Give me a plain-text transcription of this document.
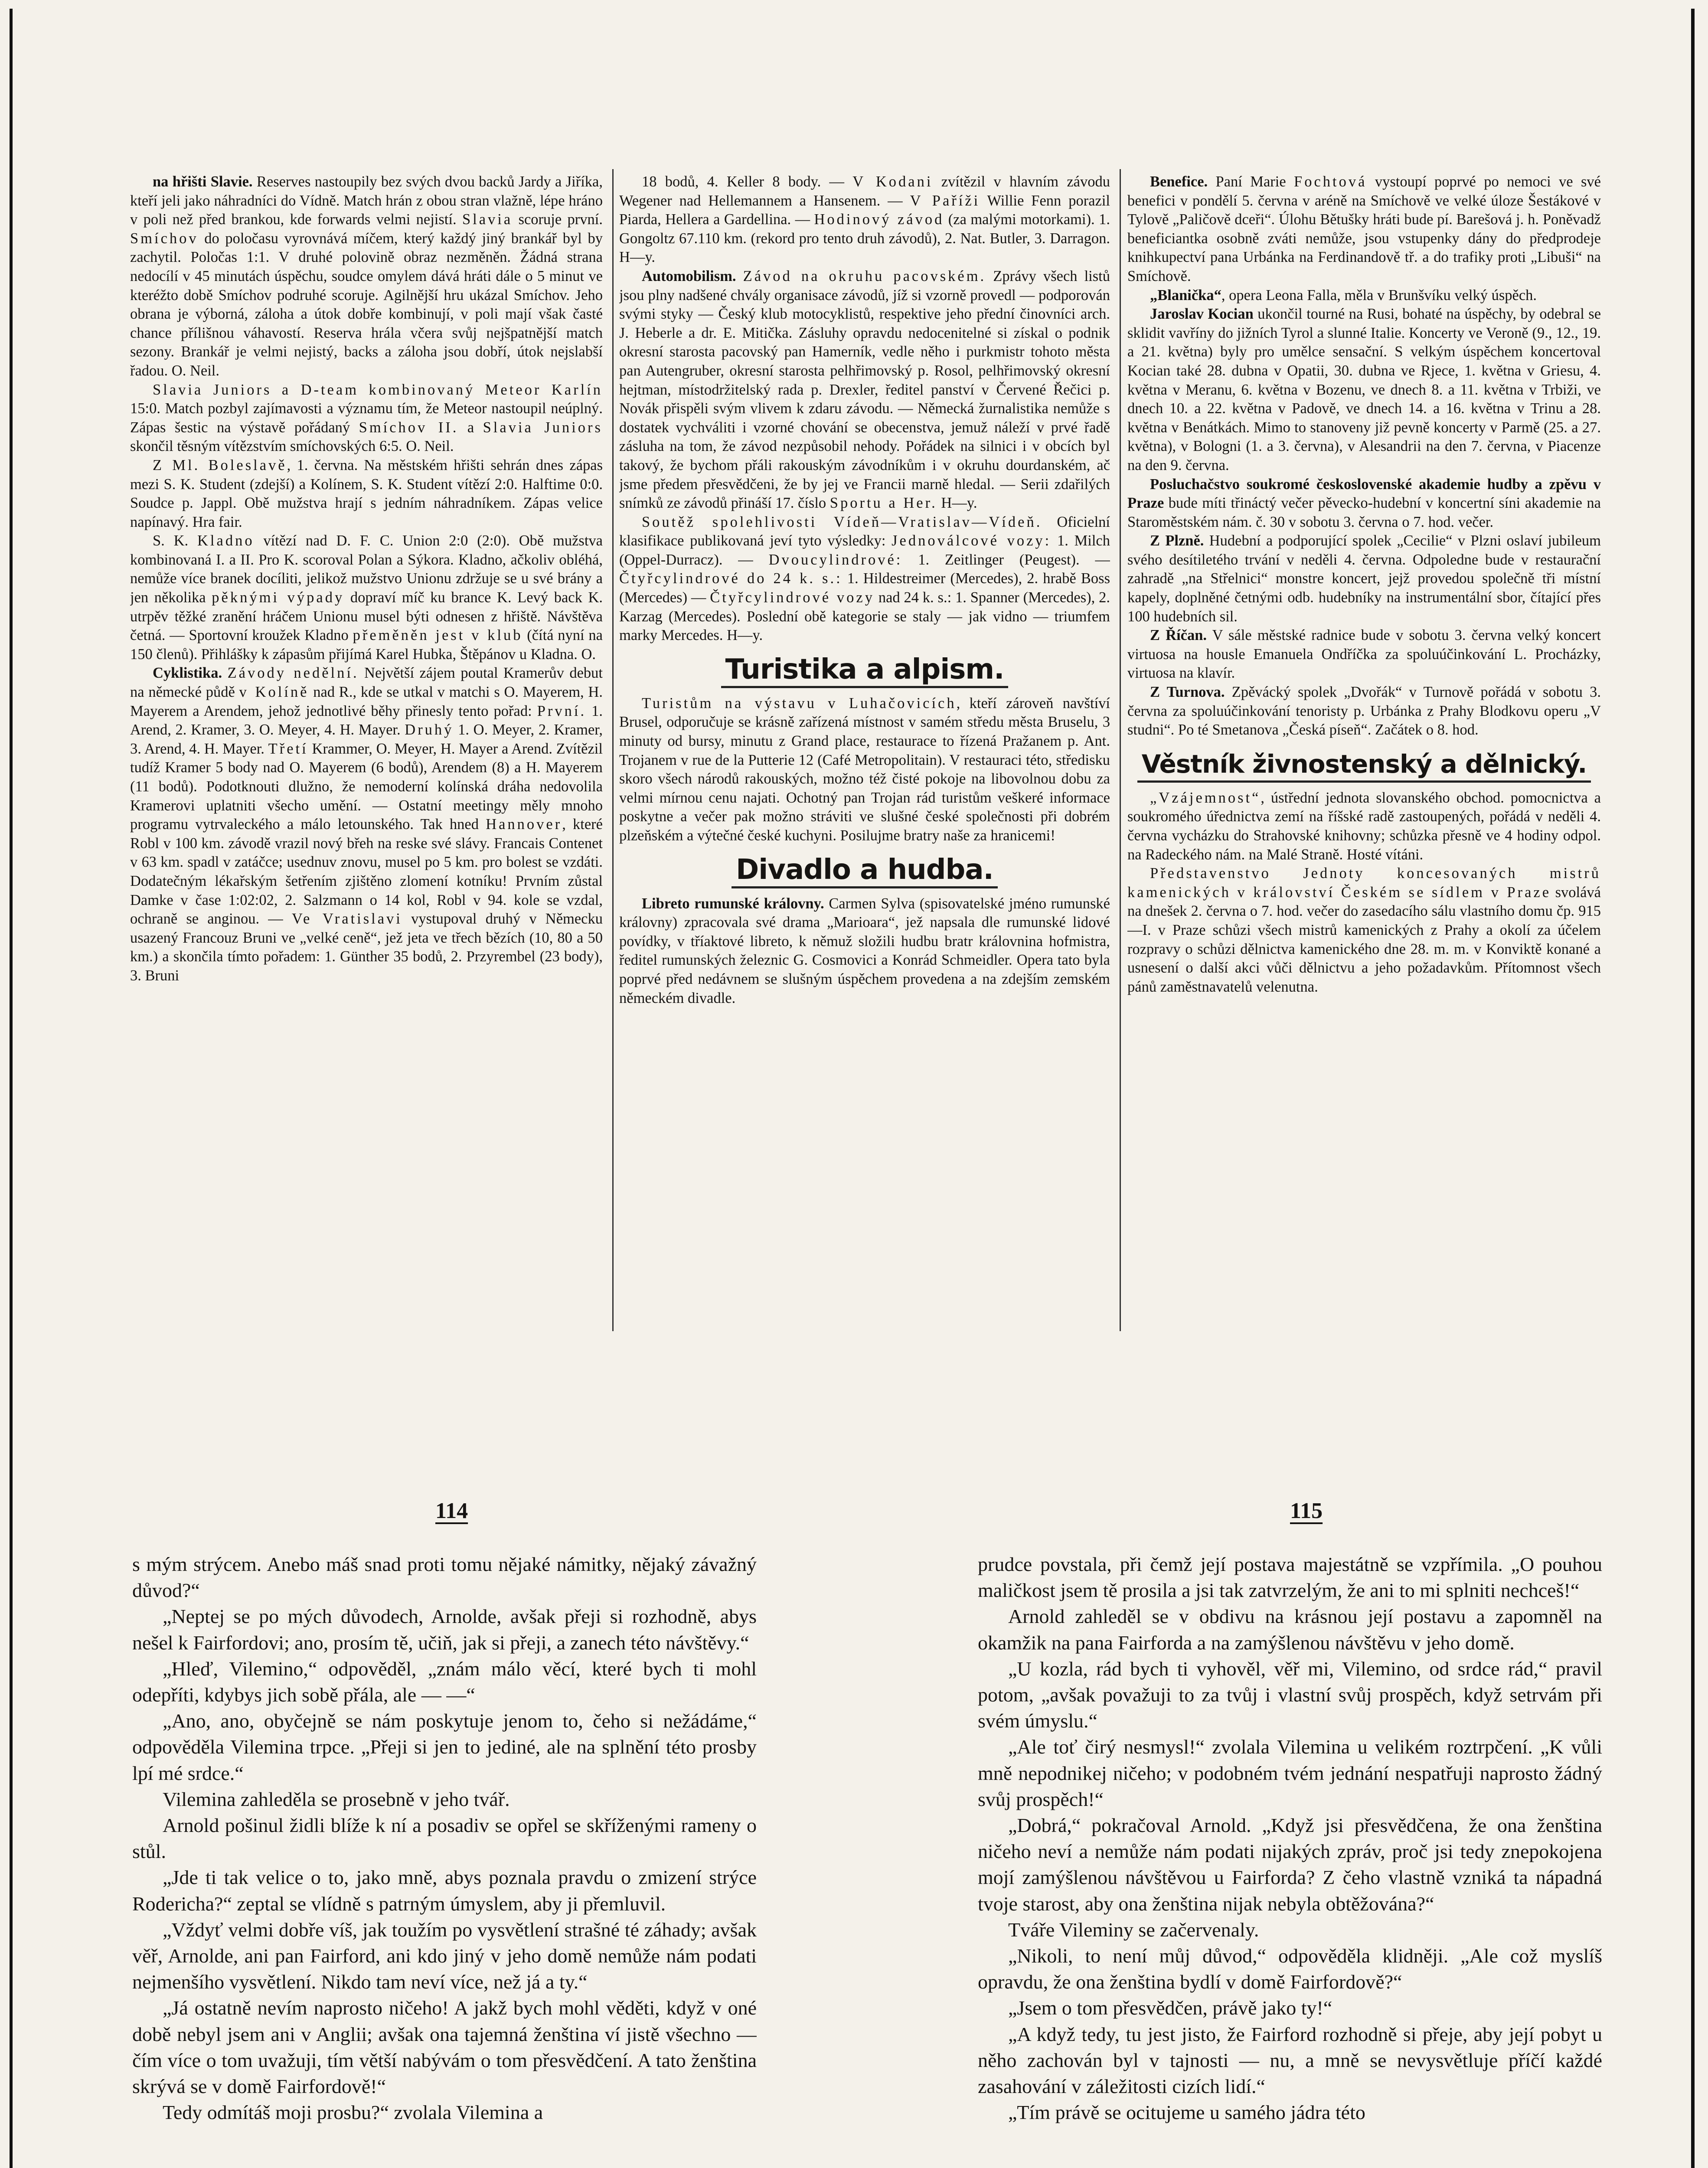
na hřišti Slavie. Reserves nastoupily bez svých dvou backů Jardy a Jiříka, kteří jeli jako náhradníci do Vídně. Match hrán z obou stran vlažně, lépe hráno v poli než před brankou, kde forwards velmi nejistí. Slavia scoruje první. Smíchov do poločasu vyrovnává míčem, který každý jiný brankář byl by zachytil. Poločas 1:1. V druhé polovině obraz nezměněn. Žádná strana nedocílí v 45 minutách úspěchu, soudce omylem dává hráti dále o 5 minut ve kteréžto době Smíchov podruhé scoruje. Agilnější hru ukázal Smíchov. Jeho obrana je výborná, záloha a útok dobře kombinují, v poli mají však časté chance přílišnou váhavostí. Reserva hrála včera svůj nejšpatnější match sezony. Brankář je velmi nejistý, backs a záloha jsou dobří, útok nejslabší řadou. O. Neil.

Slavia Juniors a D-team kombinovaný Meteor Karlín 15:0. Match pozbyl zajímavosti a významu tím, že Meteor nastoupil neúplný. Zápas šestic na výstavě pořádaný Smíchov II. a Slavia Juniors skončil těsným vítězstvím smíchovských 6:5. O. Neil.

Z Ml. Boleslavě, 1. června. Na městském hřišti sehrán dnes zápas mezi S. K. Student (zdejší) a Kolínem, S. K. Student vítězí 2:0. Halftime 0:0. Soudce p. Jappl. Obě mužstva hrají s jedním náhradníkem. Zápas velice napínavý. Hra fair.

S. K. Kladno vítězí nad D. F. C. Union 2:0 (2:0). Obě mužstva kombinovaná I. a II. Pro K. scoroval Polan a Sýkora. Kladno, ačkoliv obléhá, nemůže více branek docíliti, jelikož mužstvo Unionu zdržuje se u své brány a jen několika pěknými výpady dopraví míč ku brance K. Levý back K. utrpěv těžké zranění hráčem Unionu musel býti odnesen z hřiště. Návštěva četná. — Sportovní kroužek Kladno přeměněn jest v klub (čítá nyní na 150 členů). Přihlášky k zápasům přijímá Karel Hubka, Štěpánov u Kladna. O.

Cyklistika. Závody nedělní. Největší zájem poutal Kramerův debut na německé půdě v Kolíně nad R., kde se utkal v matchi s O. Mayerem, H. Mayerem a Arendem, jehož jednotlivé běhy přinesly tento pořad: První. 1. Arend, 2. Kramer, 3. O. Meyer, 4. H. Mayer. Druhý 1. O. Meyer, 2. Kramer, 3. Arend, 4. H. Mayer. Třetí Krammer, O. Meyer, H. Mayer a Arend. Zvítězil tudíž Kramer 5 body nad O. Mayerem (6 bodů), Arendem (8) a H. Mayerem (11 bodů). Podotknouti dlužno, že nemoderní kolínská dráha nedovolila Kramerovi uplatniti všecho umění. — Ostatní meetingy měly mnoho programu vytrvaleckého a málo letounského. Tak hned Hannover, které Robl v 100 km. závodě vrazil nový břeh na reske své slávy. Francais Contenet v 63 km. spadl v zatáčce; usednuv znovu, musel po 5 km. pro bolest se vzdáti. Dodatečným lékařským šetřením zjištěno zlomení kotníku! Prvním zůstal Damke v čase 1:02:02, 2. Salzmann o 14 kol, Robl v 94. kole se vzdal, ochraně se anginou. — Ve Vratislavi vystupoval druhý v Německu usazený Francouz Bruni ve „velké ceně“, jež jeta ve třech bězích (10, 80 a 50 km.) a skončila tímto pořadem: 1. Günther 35 bodů, 2. Przyrembel (23 body), 3. Bruni

18 bodů, 4. Keller 8 body. — V Kodani zvítězil v hlavním závodu Wegener nad Hellemannem a Hansenem. — V Paříži Willie Fenn porazil Piarda, Hellera a Gardellina. — Hodinový závod (za malými motorkami). 1. Gongoltz 67.110 km. (rekord pro tento druh závodů), 2. Nat. Butler, 3. Darragon. H—y.

Automobilism. Závod na okruhu pacovském. Zprávy všech listů jsou plny nadšené chvály organisace závodů, jíž si vzorně provedl — podporován svými styky — Český klub motocyklistů, respektive jeho přední činovníci arch. J. Heberle a dr. E. Mitička. Zásluhy opravdu nedocenitelné si získal o podnik okresní starosta pacovský pan Hamerník, vedle něho i purkmistr tohoto města pan Autengruber, okresní starosta pelhřimovský p. Rosol, pelhřimovský okresní hejtman, místodržitelský rada p. Drexler, ředitel panství v Červené Řečici p. Novák přispěli svým vlivem k zdaru závodu. — Německá žurnalistika nemůže s dostatek vychváliti i vzorné chování se obecenstva, jemuž náleží v prvé řadě zásluha na tom, že závod nezpůsobil nehody. Pořádek na silnici i v obcích byl takový, že bychom přáli rakouským závodníkům i v okruhu dourdanském, ač jsme předem přesvědčeni, že by jej ve Francii marně hledal. — Serii zdařilých snímků ze závodů přináší 17. číslo Sportu a Her. H—y.

Soutěž spolehlivosti Vídeň—Vratislav—Vídeň. Oficielní klasifikace publikovaná jeví tyto výsledky: Jednoválcové vozy: 1. Milch (Oppel-Durracz). — Dvoucylindrové: 1. Zeitlinger (Peugest). — Čtyřcylindrové do 24 k. s.: 1. Hildestreimer (Mercedes), 2. hrabě Boss (Mercedes) — Čtyřcylindrové vozy nad 24 k. s.: 1. Spanner (Mercedes), 2. Karzag (Mercedes). Poslední obě kategorie se staly — jak vidno — triumfem marky Mercedes. H—y.

Turistika a alpism.

Turistům na výstavu v Luhačovicích, kteří zároveň navštíví Brusel, odporučuje se krásně zařízená místnost v samém středu města Bruselu, 3 minuty od bursy, minutu z Grand place, restaurace to řízená Pražanem p. Ant. Trojanem v rue de la Putterie 12 (Café Metropolitain). V restauraci této, středisku skoro všech národů rakouských, možno též čisté pokoje na libovolnou dobu za velmi mírnou cenu najati. Ochotný pan Trojan rád turistům veškeré informace poskytne a večer pak možno stráviti ve slušné české společnosti při dobrém plzeňském a výtečné české kuchyni. Posilujme bratry naše za hranicemi!

Divadlo a hudba.

Libreto rumunské královny. Carmen Sylva (spisovatelské jméno rumunské královny) zpracovala své drama „Marioara“, jež napsala dle rumunské lidové povídky, v tříaktové libreto, k němuž složili hudbu bratr královnina hofmistra, ředitel rumunských železnic G. Cosmovici a Konrád Schmeidler. Opera tato byla poprvé před nedávnem se slušným úspěchem provedena a na zdejším zemském německém divadle.

Benefice. Paní Marie Fochtová vystoupí poprvé po nemoci ve své benefici v pondělí 5. června v aréně na Smíchově ve velké úloze Šestákové v Tylově „Paličově dceři“. Úlohu Bětušky hráti bude pí. Barešová j. h. Poněvadž beneficiantka osobně zváti nemůže, jsou vstupenky dány do předprodeje knihkupectví pana Urbánka na Ferdinandově tř. a do trafiky proti „Libuši“ na Smíchově.

„Blaničkа“, opera Leona Falla, měla v Brunšvíku velký úspěch.

Jaroslav Kocian ukončil tourné na Rusi, bohaté na úspěchy, by odebral se sklidit vavříny do jižních Tyrol a slunné Italie. Koncerty ve Veroně (9., 12., 19. a 21. května) byly pro umělce sensační. S velkým úspěchem koncertoval Kocian také 28. dubna v Opatii, 30. dubna ve Rjece, 1. května v Griesu, 4. května v Meranu, 6. května v Bozenu, ve dnech 8. a 11. května v Trbiži, ve dnech 10. a 22. května v Padově, ve dnech 14. a 16. května v Trinu a 28. května v Benátkách. Mimo to stanoveny již pevně koncerty v Parmě (25. a 27. května), v Bologni (1. a 3. června), v Alesandrii na den 7. června, v Piacenze na den 9. června.

Posluchačstvo soukromé československé akademie hudby a zpěvu v Praze bude míti třináctý večer pěvecko-hudební v koncertní síni akademie na Staroměstském nám. č. 30 v sobotu 3. června o 7. hod. večer.

Z Plzně. Hudební a podporující spolek „Cecilie“ v Plzni oslaví jubileum svého desítiletého trvání v neděli 4. června. Odpoledne bude v restaurační zahradě „na Střelnici“ monstre koncert, jejž provedou společně tři místní kapely, doplněné četnými odb. hudebníky na instrumentální sbor, čítající přes 100 hudebních sil.

Z Říčan. V sále městské radnice bude v sobotu 3. června velký koncert virtuosa na housle Emanuela Ondříčka za spoluúčinkování L. Procházky, virtuosa na klavír.

Z Turnova. Zpěvácký spolek „Dvořák“ v Turnově pořádá v sobotu 3. června za spoluúčinkování tenoristy p. Urbánka z Prahy Blodkovu operu „V studni“. Po té Smetanova „Česká píseň“. Začátek o 8. hod.

Věstník živnostenský a dělnický.

„Vzájemnost“, ústřední jednota slovanského obchod. pomocnictva a soukromého úřednictva zemí na říšské radě zastoupených, pořádá v neděli 4. června vycházku do Strahovské knihovny; schůzka přesně ve 4 hodiny odpol. na Radeckého nám. na Malé Straně. Hosté vítáni.

Představenstvo Jednoty koncesovaných mistrů kamenických v království Českém se sídlem v Praze svolává na dnešek 2. června o 7. hod. večer do zasedacího sálu vlastního domu čp. 915—I. v Praze schůzi všech mistrů kamenických z Prahy a okolí za účelem rozpravy o schůzi dělnictva kamenického dne 28. m. m. v Konviktě konané a usnesení o další akci vůči dělnictvu a jeho požadavkům. Přítomnost všech pánů zaměstnavatelů velenutna.

114	115

s mým strýcem. Anebo máš snad proti tomu nějaké námitky, nějaký závažný důvod?“

„Neptej se po mých důvodech, Arnolde, avšak přeji si rozhodně, abys nešel k Fairfordovi; ano, prosím tě, učiň, jak si přeji, a zanech této návštěvy.“

„Hleď, Vilemino,“ odpověděl, „znám málo věcí, které bych ti mohl odepříti, kdybys jich sobě přála, ale — —“

„Ano, ano, obyčejně se nám poskytuje jenom to, čeho si nežádáme,“ odpověděla Vilemina trpce. „Přeji si jen to jediné, ale na splnění této prosby lpí mé srdce.“

Vilemina zahleděla se prosebně v jeho tvář.

Arnold pošinul židli blíže k ní a posadiv se opřel se skříženými rameny o stůl.

„Jde ti tak velice o to, jako mně, abys poznala pravdu o zmizení strýce Rodericha?“ zeptal se vlídně s patrným úmyslem, aby ji přemluvil.

„Vždyť velmi dobře víš, jak toužím po vysvětlení strašné té záhady; avšak věř, Arnolde, ani pan Fairford, ani kdo jiný v jeho domě nemůže nám podati nejmenšího vysvětlení. Nikdo tam neví více, než já a ty.“

„Já ostatně nevím naprosto ničeho! A jakž bych mohl věděti, když v oné době nebyl jsem ani v Anglii; avšak ona tajemná ženština ví jistě všechno — čím více o tom uvažuji, tím větší nabývám o tom přesvědčení. A tato ženština skrývá se v domě Fairfordově!“

Tedy odmítáš moji prosbu?“ zvolala Vilemina a

prudce povstala, při čemž její postava majestátně se vzpřímila. „O pouhou maličkost jsem tě prosila a jsi tak zatvrzelým, že ani to mi splniti nechceš!“

Arnold zahleděl se v obdivu na krásnou její postavu a zapomněl na okamžik na pana Fairforda a na zamýšlenou návštěvu v jeho domě.

„U kozla, rád bych ti vyhověl, věř mi, Vilemino, od srdce rád,“ pravil potom, „avšak považuji to za tvůj i vlastní svůj prospěch, když setrvám při svém úmyslu.“

„Ale toť čirý nesmysl!“ zvolala Vilemina u velikém roztrpčení. „K vůli mně nepodnikej ničeho; v podobném tvém jednání nespatřuji naprosto žádný svůj prospěch!“

„Dobrá,“ pokračoval Arnold. „Když jsi přesvědčena, že ona ženština ničeho neví a nemůže nám podati nijakých zpráv, proč jsi tedy znepokojena mojí zamýšlenou návštěvou u Fairforda? Z čeho vlastně vzniká ta nápadná tvoje starost, aby ona ženština nijak nebyla obtěžována?“

Tváře Vileminy se začervenaly.

„Nikoli, to není můj důvod,“ odpověděla klidněji. „Ale což myslíš opravdu, že ona ženština bydlí v domě Fairfordově?“

„Jsem o tom přesvědčen, právě jako ty!“

„A když tedy, tu jest jisto, že Fairford rozhodně si přeje, aby její pobyt u něho zachován byl v tajnosti — nu, a mně se nevysvětluje příčí každé zasahování v záležitosti cizích lidí.“

„Tím právě se ocitujeme u samého jádra této
